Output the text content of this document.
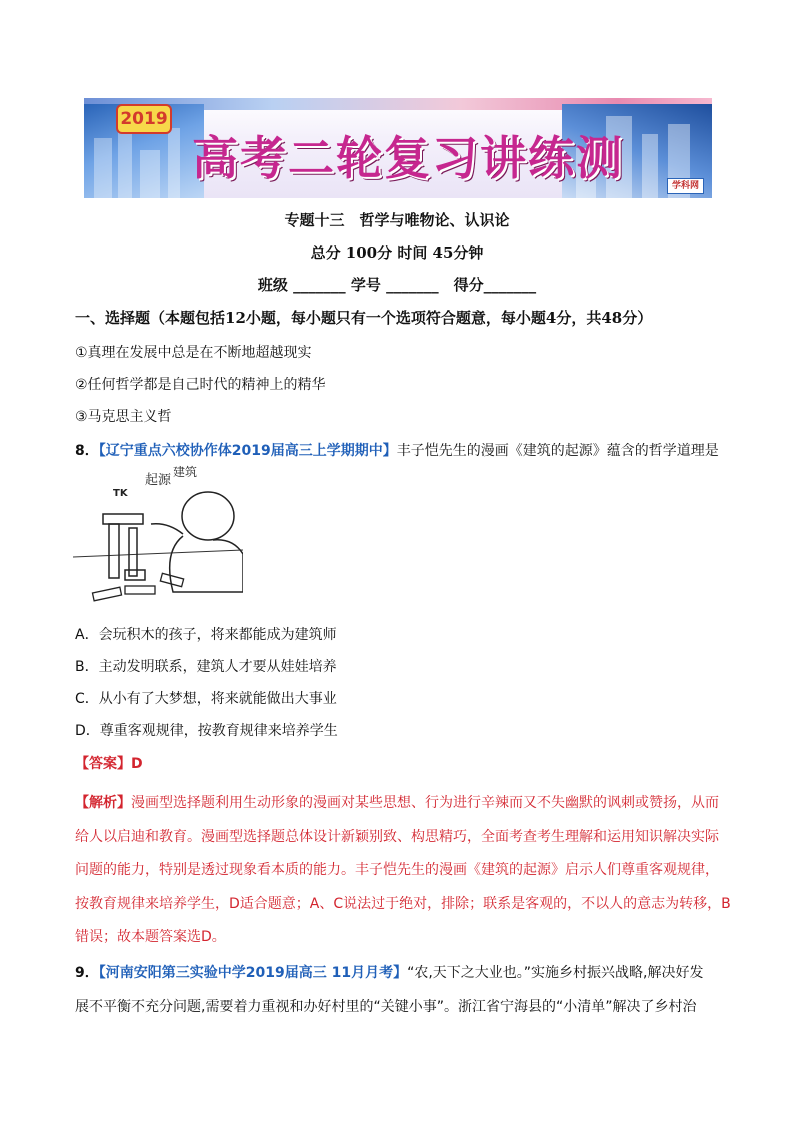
2019
高考二轮复习讲练测
学科网
专题十三　哲学与唯物论、认识论
总分 100分 时间 45分钟
班级 _______ 学号 _______　得分_______
一、选择题（本题包括12小题，每小题只有一个选项符合题意，每小题4分，共48分）
①真理在发展中总是在不断地超越现实
②任何哲学都是自己时代的精神上的精华
③马克思主义哲
8．【辽宁重点六校协作体2019届高三上学期期中】丰子恺先生的漫画《建筑的起源》蕴含的哲学道理是
起源
建筑
TK
A．会玩积木的孩子，将来都能成为建筑师
B．主动发明联系，建筑人才要从娃娃培养
C．从小有了大梦想，将来就能做出大事业
D．尊重客观规律，按教育规律来培养学生
【答案】D
【解析】漫画型选择题利用生动形象的漫画对某些思想、行为进行辛辣而又不失幽默的讽刺或赞扬，从而
给人以启迪和教育。漫画型选择题总体设计新颖别致、构思精巧，全面考查考生理解和运用知识解决实际
问题的能力，特别是透过现象看本质的能力。丰子恺先生的漫画《建筑的起源》启示人们尊重客观规律，
按教育规律来培养学生，D适合题意；A、C说法过于绝对，排除；联系是客观的，不以人的意志为转移，B
错误；故本题答案选D。
9．【河南安阳第三实验中学2019届高三 11月月考】“农,天下之大业也。”实施乡村振兴战略,解决好发
展不平衡不充分问题,需要着力重视和办好村里的“关键小事”。浙江省宁海县的“小清单”解决了乡村治
